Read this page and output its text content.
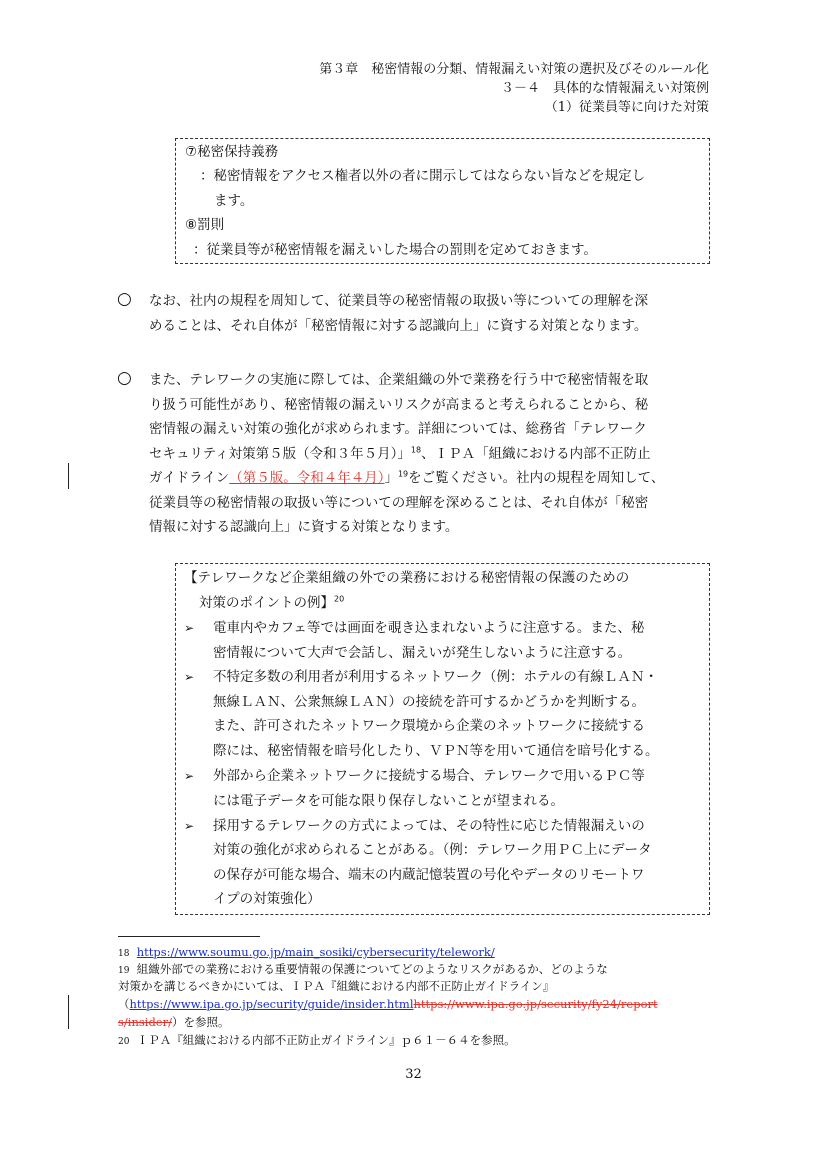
第３章　秘密情報の分類、情報漏えい対策の選択及びそのルール化
３－４　具体的な情報漏えい対策例
（1）従業員等に向けた対策
⑦秘密保持義務
：秘密情報をアクセス権者以外の者に開示してはならない旨などを規定し
ます。
⑧罰則
：従業員等が秘密情報を漏えいした場合の罰則を定めておきます。
○ なお、社内の規程を周知して、従業員等の秘密情報の取扱い等についての理解を深
めることは、それ自体が「秘密情報に対する認識向上」に資する対策となります。
○ また、テレワークの実施に際しては、企業組織の外で業務を行う中で秘密情報を取
り扱う可能性があり、秘密情報の漏えいリスクが高まると考えられることから、秘
密情報の漏えい対策の強化が求められます。詳細については、総務省「テレワーク
セキュリティ対策第５版（令和３年５月）」$^{18}$、ＩＰＡ「組織における内部不正防止
ガイドライン（第５版。令和４年４月）」$^{19}$をご覧ください。社内の規程を周知して、
従業員等の秘密情報の取扱い等についての理解を深めることは、それ自体が「秘密
情報に対する認識向上」に資する対策となります。
【テレワークなど企業組織の外での業務における秘密情報の保護のための
対策のポイントの例】$^{20}$
➢ 電車内やカフェ等では画面を覗き込まれないように注意する。また、秘
密情報について大声で会話し、漏えいが発生しないように注意する。
➢ 不特定多数の利用者が利用するネットワーク（例：ホテルの有線ＬＡＮ・
無線ＬＡＮ、公衆無線ＬＡＮ）の接続を許可するかどうかを判断する。
また、許可されたネットワーク環境から企業のネットワークに接続する
際には、秘密情報を暗号化したり、ＶＰＮ等を用いて通信を暗号化する。
➢ 外部から企業ネットワークに接続する場合、テレワークで用いるＰＣ等
には電子データを可能な限り保存しないことが望まれる。
➢ 採用するテレワークの方式によっては、その特性に応じた情報漏えいの
対策の強化が求められることがある。（例：テレワーク用ＰＣ上にデータ
の保存が可能な場合、端末の内蔵記憶装置の号化やデータのリモートワ
イプの対策強化）
18 https://www.soumu.go.jp/main_sosiki/cybersecurity/telework/
19 組織外部での業務における重要情報の保護についてどのようなリスクがあるか、どのような
対策かを講じるべきかにいては、ＩＰＡ『組織における内部不正防止ガイドライン』
（https://www.ipa.go.jp/security/guide/insider.htmlhttps://www.ipa.go.jp/security/fy24/report
s/insider/）を参照。
20 ＩＰＡ『組織における内部不正防止ガイドライン』ｐ６１－６４を参照。
32
